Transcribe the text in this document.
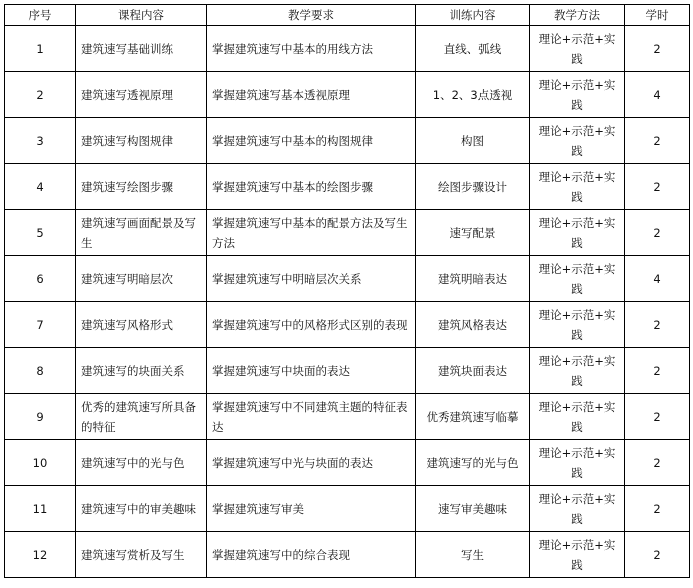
序号	课程内容	教学要求	训练内容	教学方法	学时
1	建筑速写基础训练	掌握建筑速写中基本的用线方法	直线、弧线	理论+示范+实践	2
2	建筑速写透视原理	掌握建筑速写基本透视原理	1、2、3点透视	理论+示范+实践	4
3	建筑速写构图规律	掌握建筑速写中基本的构图规律	构图	理论+示范+实践	2
4	建筑速写绘图步骤	掌握建筑速写中基本的绘图步骤	绘图步骤设计	理论+示范+实践	2
5	建筑速写画面配景及写生	掌握建筑速写中基本的配景方法及写生方法	速写配景	理论+示范+实践	2
6	建筑速写明暗层次	掌握建筑速写中明暗层次关系	建筑明暗表达	理论+示范+实践	4
7	建筑速写风格形式	掌握建筑速写中的风格形式区别的表现	建筑风格表达	理论+示范+实践	2
8	建筑速写的块面关系	掌握建筑速写中块面的表达	建筑块面表达	理论+示范+实践	2
9	优秀的建筑速写所具备的特征	掌握建筑速写中不同建筑主题的特征表达	优秀建筑速写临摹	理论+示范+实践	2
10	建筑速写中的光与色	掌握建筑速写中光与块面的表达	建筑速写的光与色	理论+示范+实践	2
11	建筑速写中的审美趣味	掌握建筑速写审美	速写审美趣味	理论+示范+实践	2
12	建筑速写赏析及写生	掌握建筑速写中的综合表现	写生	理论+示范+实践	2
